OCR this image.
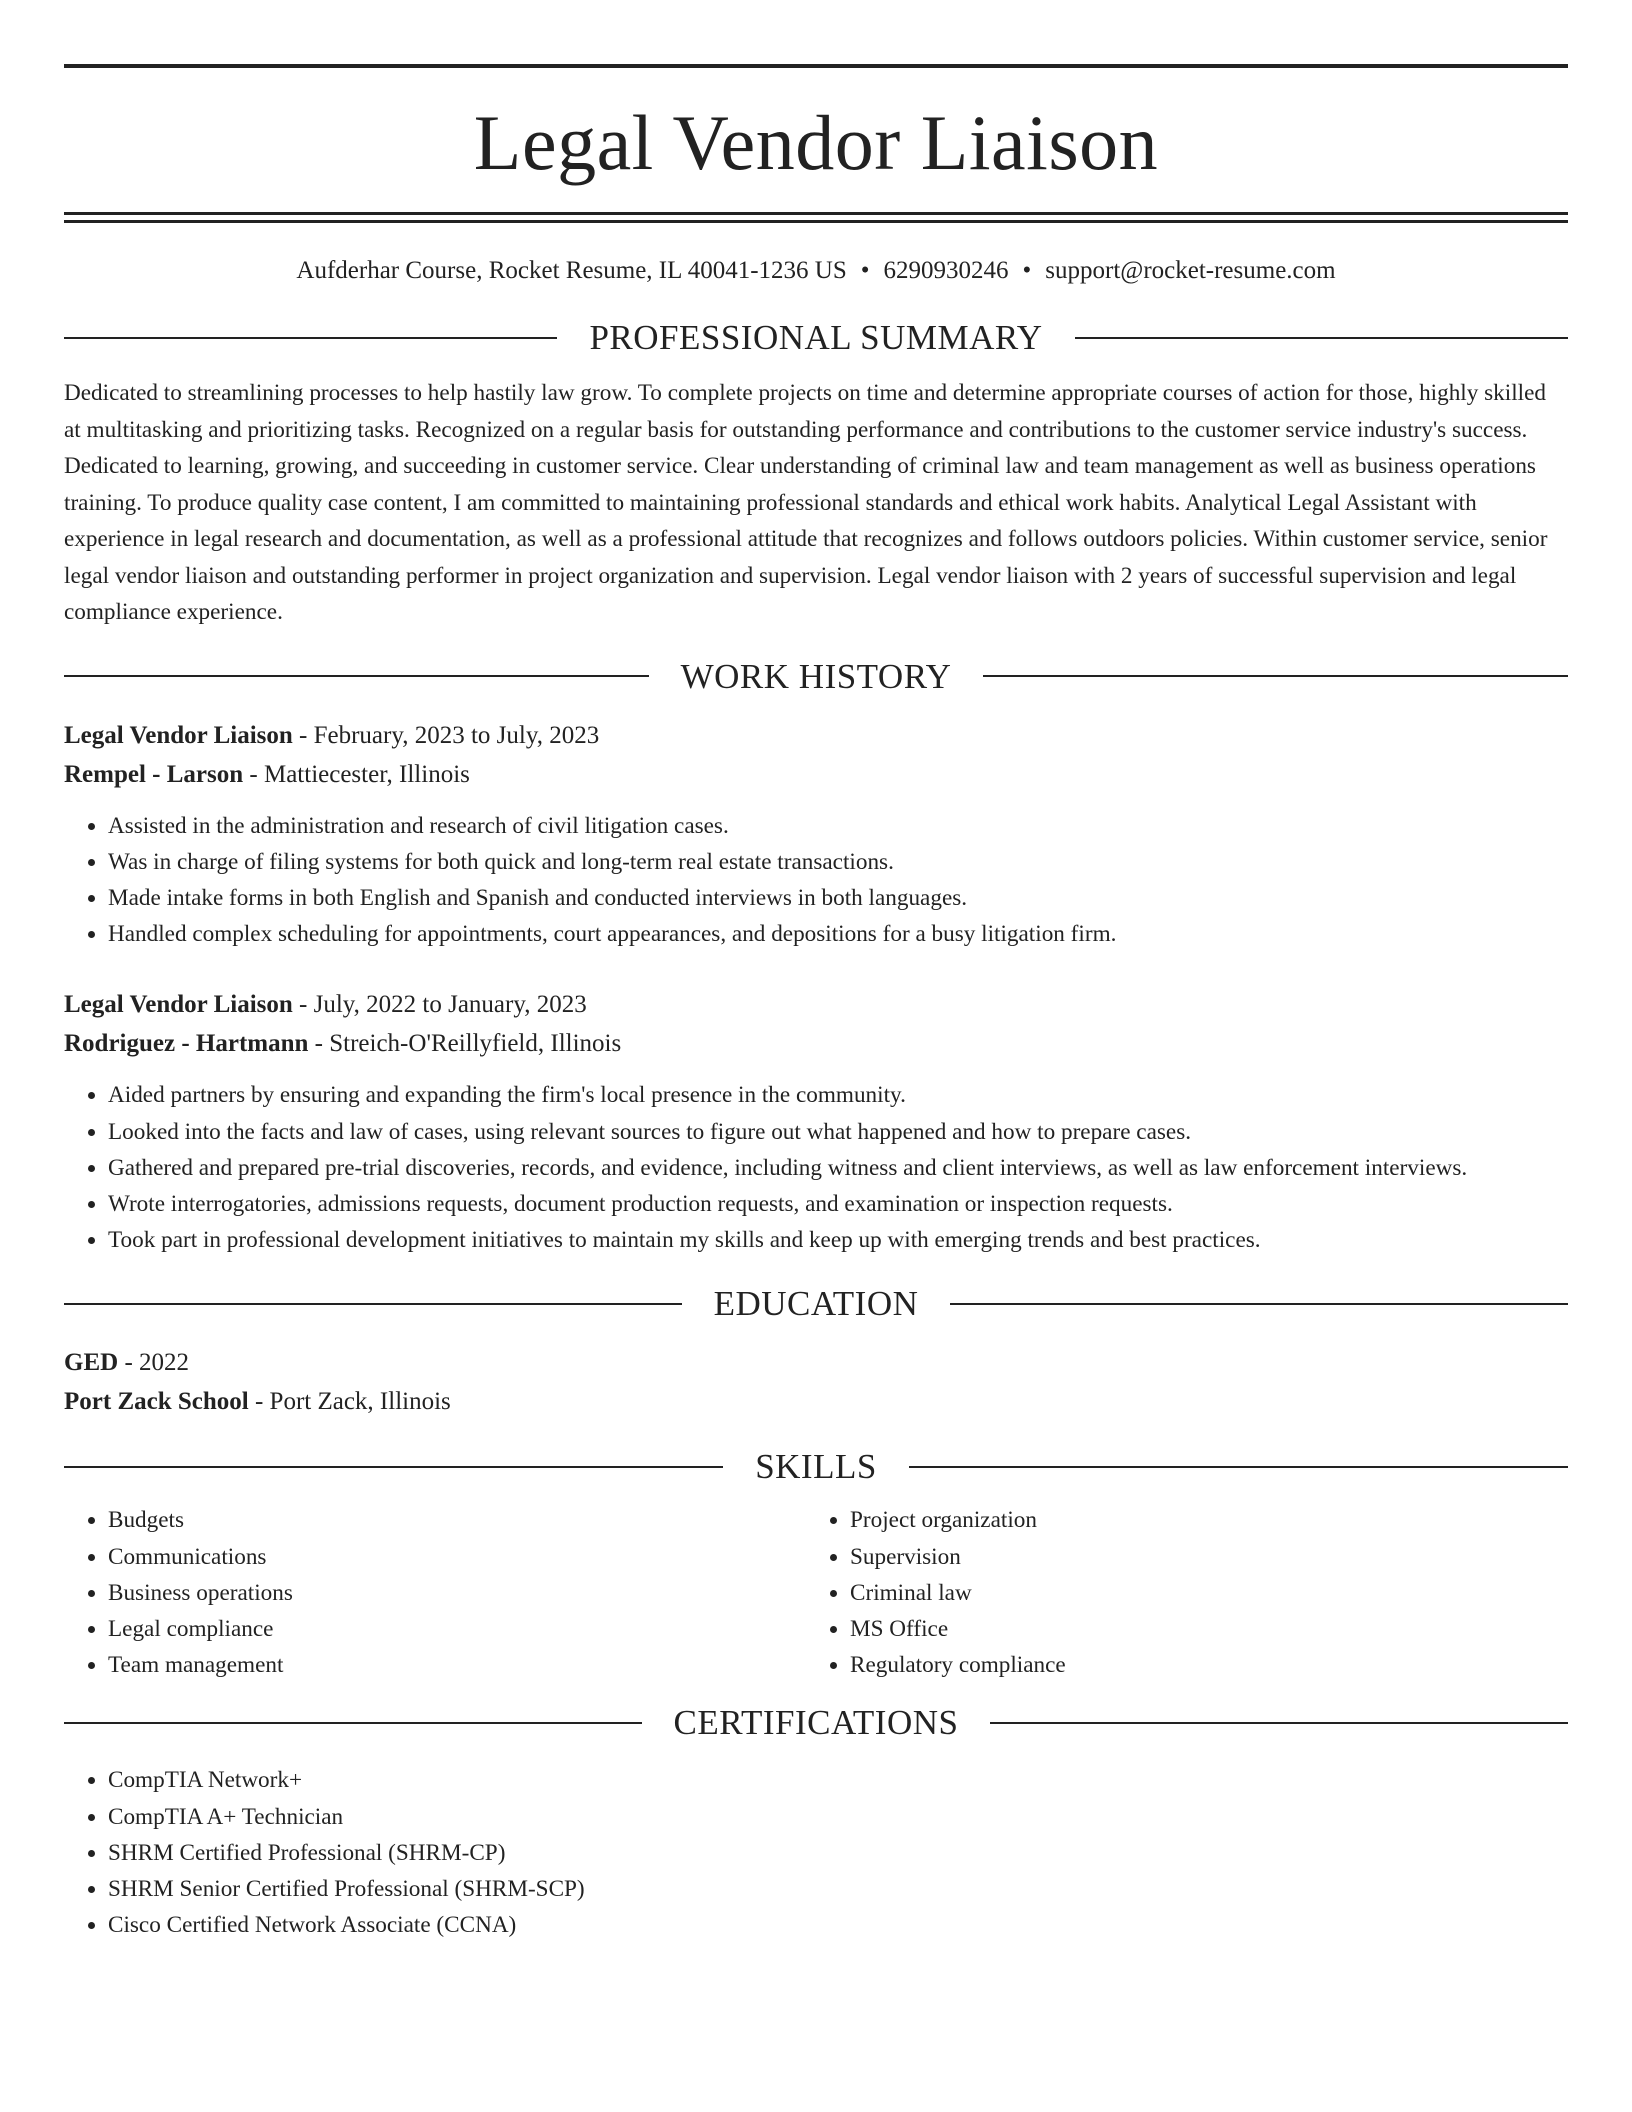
Legal Vendor Liaison
Aufderhar Course, Rocket Resume, IL 40041-1236 US • 6290930246 • support@rocket-resume.com
PROFESSIONAL SUMMARY

Dedicated to streamlining processes to help hastily law grow. To complete projects on time and determine appropriate courses of action for those, highly skilled at multitasking and prioritizing tasks. Recognized on a regular basis for outstanding performance and contributions to the customer service industry's success. Dedicated to learning, growing, and succeeding in customer service. Clear understanding of criminal law and team management as well as business operations training. To produce quality case content, I am committed to maintaining professional standards and ethical work habits. Analytical Legal Assistant with experience in legal research and documentation, as well as a professional attitude that recognizes and follows outdoors policies. Within customer service, senior legal vendor liaison and outstanding performer in project organization and supervision. Legal vendor liaison with 2 years of successful supervision and legal compliance experience.

WORK HISTORY
Legal Vendor Liaison - February, 2023 to July, 2023
Rempel - Larson - Mattiecester, Illinois
• Assisted in the administration and research of civil litigation cases.
• Was in charge of filing systems for both quick and long-term real estate transactions.
• Made intake forms in both English and Spanish and conducted interviews in both languages.
• Handled complex scheduling for appointments, court appearances, and depositions for a busy litigation firm.
Legal Vendor Liaison - July, 2022 to January, 2023
Rodriguez - Hartmann - Streich-O'Reillyfield, Illinois
• Aided partners by ensuring and expanding the firm's local presence in the community.
• Looked into the facts and law of cases, using relevant sources to figure out what happened and how to prepare cases.
• Gathered and prepared pre-trial discoveries, records, and evidence, including witness and client interviews, as well as law enforcement interviews.
• Wrote interrogatories, admissions requests, document production requests, and examination or inspection requests.
• Took part in professional development initiatives to maintain my skills and keep up with emerging trends and best practices.
EDUCATION
GED - 2022
Port Zack School - Port Zack, Illinois
SKILLS
• Budgets
• Communications
• Business operations
• Legal compliance
• Team management
• Project organization
• Supervision
• Criminal law
• MS Office
• Regulatory compliance
CERTIFICATIONS
• CompTIA Network+
• CompTIA A+ Technician
• SHRM Certified Professional (SHRM-CP)
• SHRM Senior Certified Professional (SHRM-SCP)
• Cisco Certified Network Associate (CCNA)
